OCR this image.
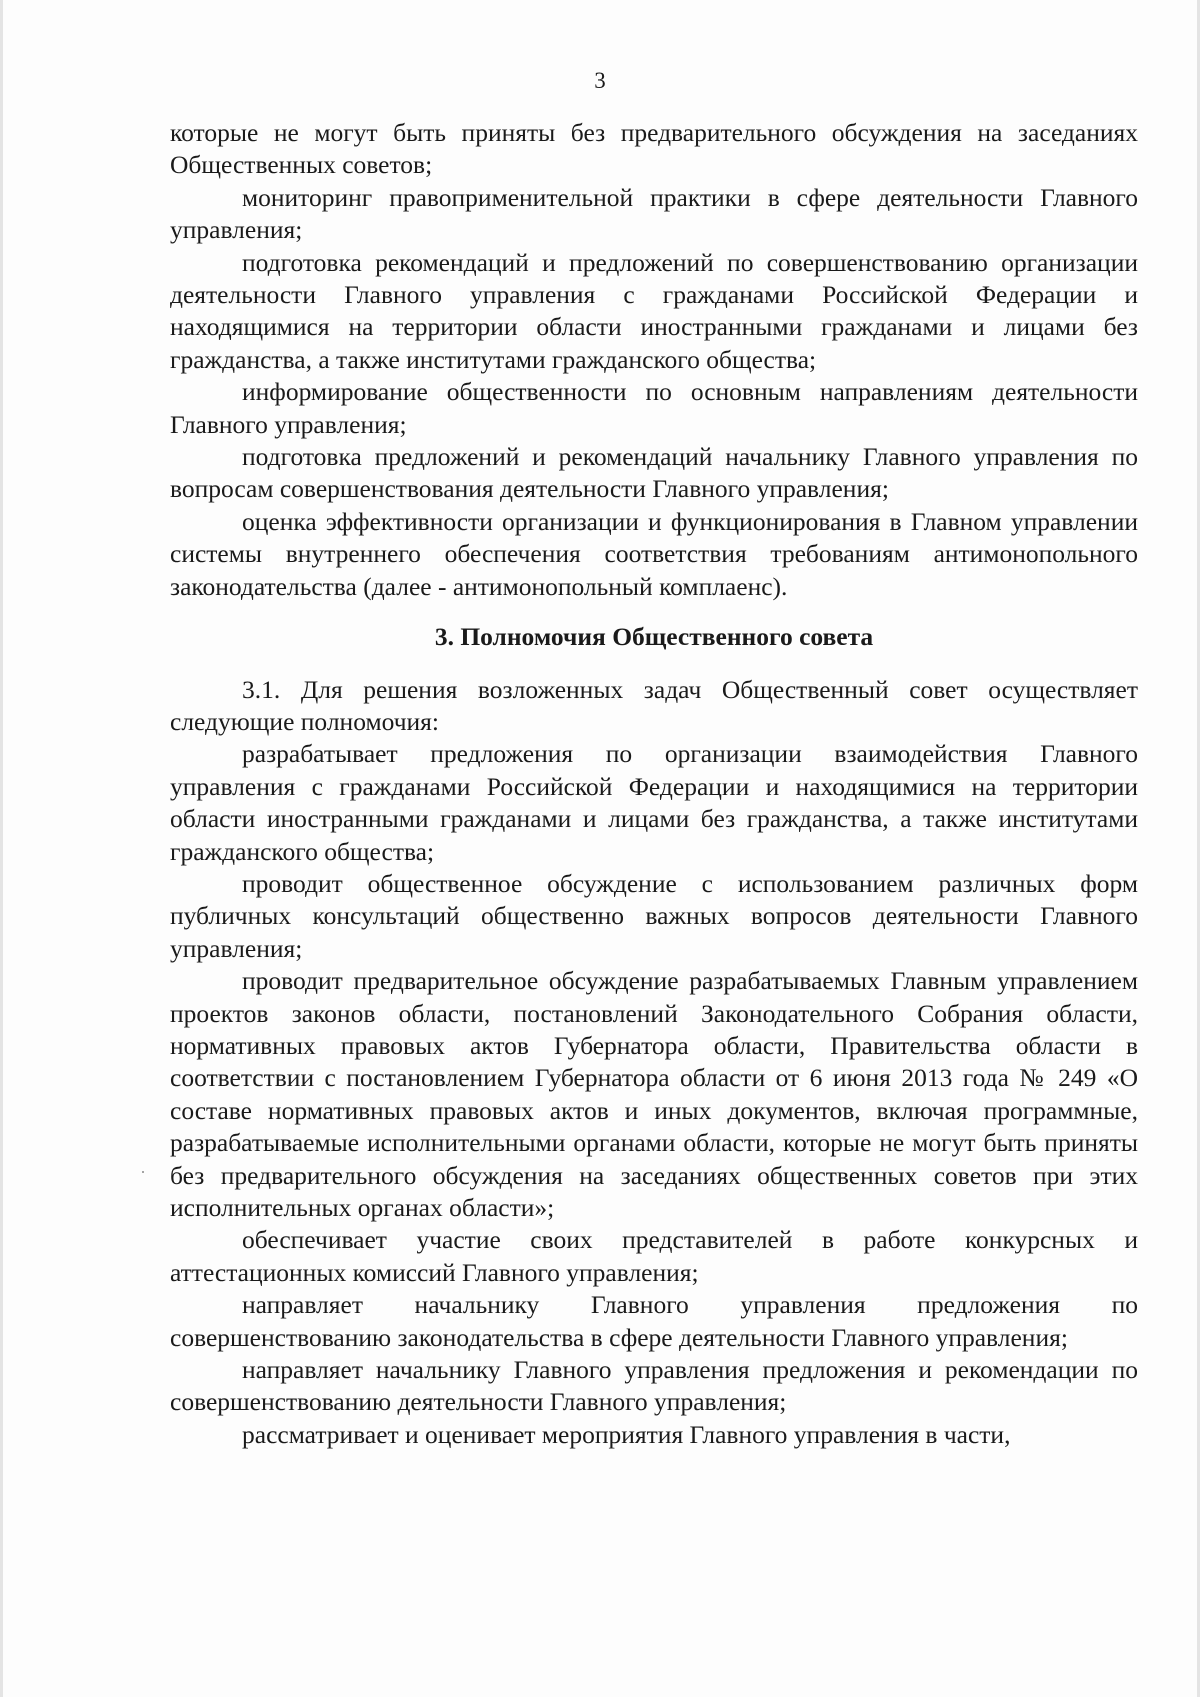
3

которые не могут быть приняты без предварительного обсуждения на заседаниях Общественных советов;

мониторинг правоприменительной практики в сфере деятельности Главного управления;

подготовка рекомендаций и предложений по совершенствованию организации деятельности Главного управления с гражданами Российской Федерации и находящимися на территории области иностранными гражданами и лицами без гражданства, а также институтами гражданского общества;

информирование общественности по основным направлениям деятельности Главного управления;

подготовка предложений и рекомендаций начальнику Главного управления по вопросам совершенствования деятельности Главного управления;

оценка эффективности организации и функционирования в Главном управлении системы внутреннего обеспечения соответствия требованиям антимонопольного законодательства (далее - антимонопольный комплаенс).

3. Полномочия Общественного совета

3.1. Для решения возложенных задач Общественный совет осуществляет следующие полномочия:

разрабатывает предложения по организации взаимодействия Главного управления с гражданами Российской Федерации и находящимися на территории области иностранными гражданами и лицами без гражданства, а также институтами гражданского общества;

проводит общественное обсуждение с использованием различных форм публичных консультаций общественно важных вопросов деятельности Главного управления;

проводит предварительное обсуждение разрабатываемых Главным управлением проектов законов области, постановлений Законодательного Собрания области, нормативных правовых актов Губернатора области, Правительства области в соответствии с постановлением Губернатора области от 6 июня 2013 года № 249 «О составе нормативных правовых актов и иных документов, включая программные, разрабатываемые исполнительными органами области, которые не могут быть приняты без предварительного обсуждения на заседаниях общественных советов при этих исполнительных органах области»;

обеспечивает участие своих представителей в работе конкурсных и аттестационных комиссий Главного управления;

направляет начальнику Главного управления предложения по совершенствованию законодательства в сфере деятельности Главного управления;

направляет начальнику Главного управления предложения и рекомендации по совершенствованию деятельности Главного управления;

рассматривает и оценивает мероприятия Главного управления в части,
